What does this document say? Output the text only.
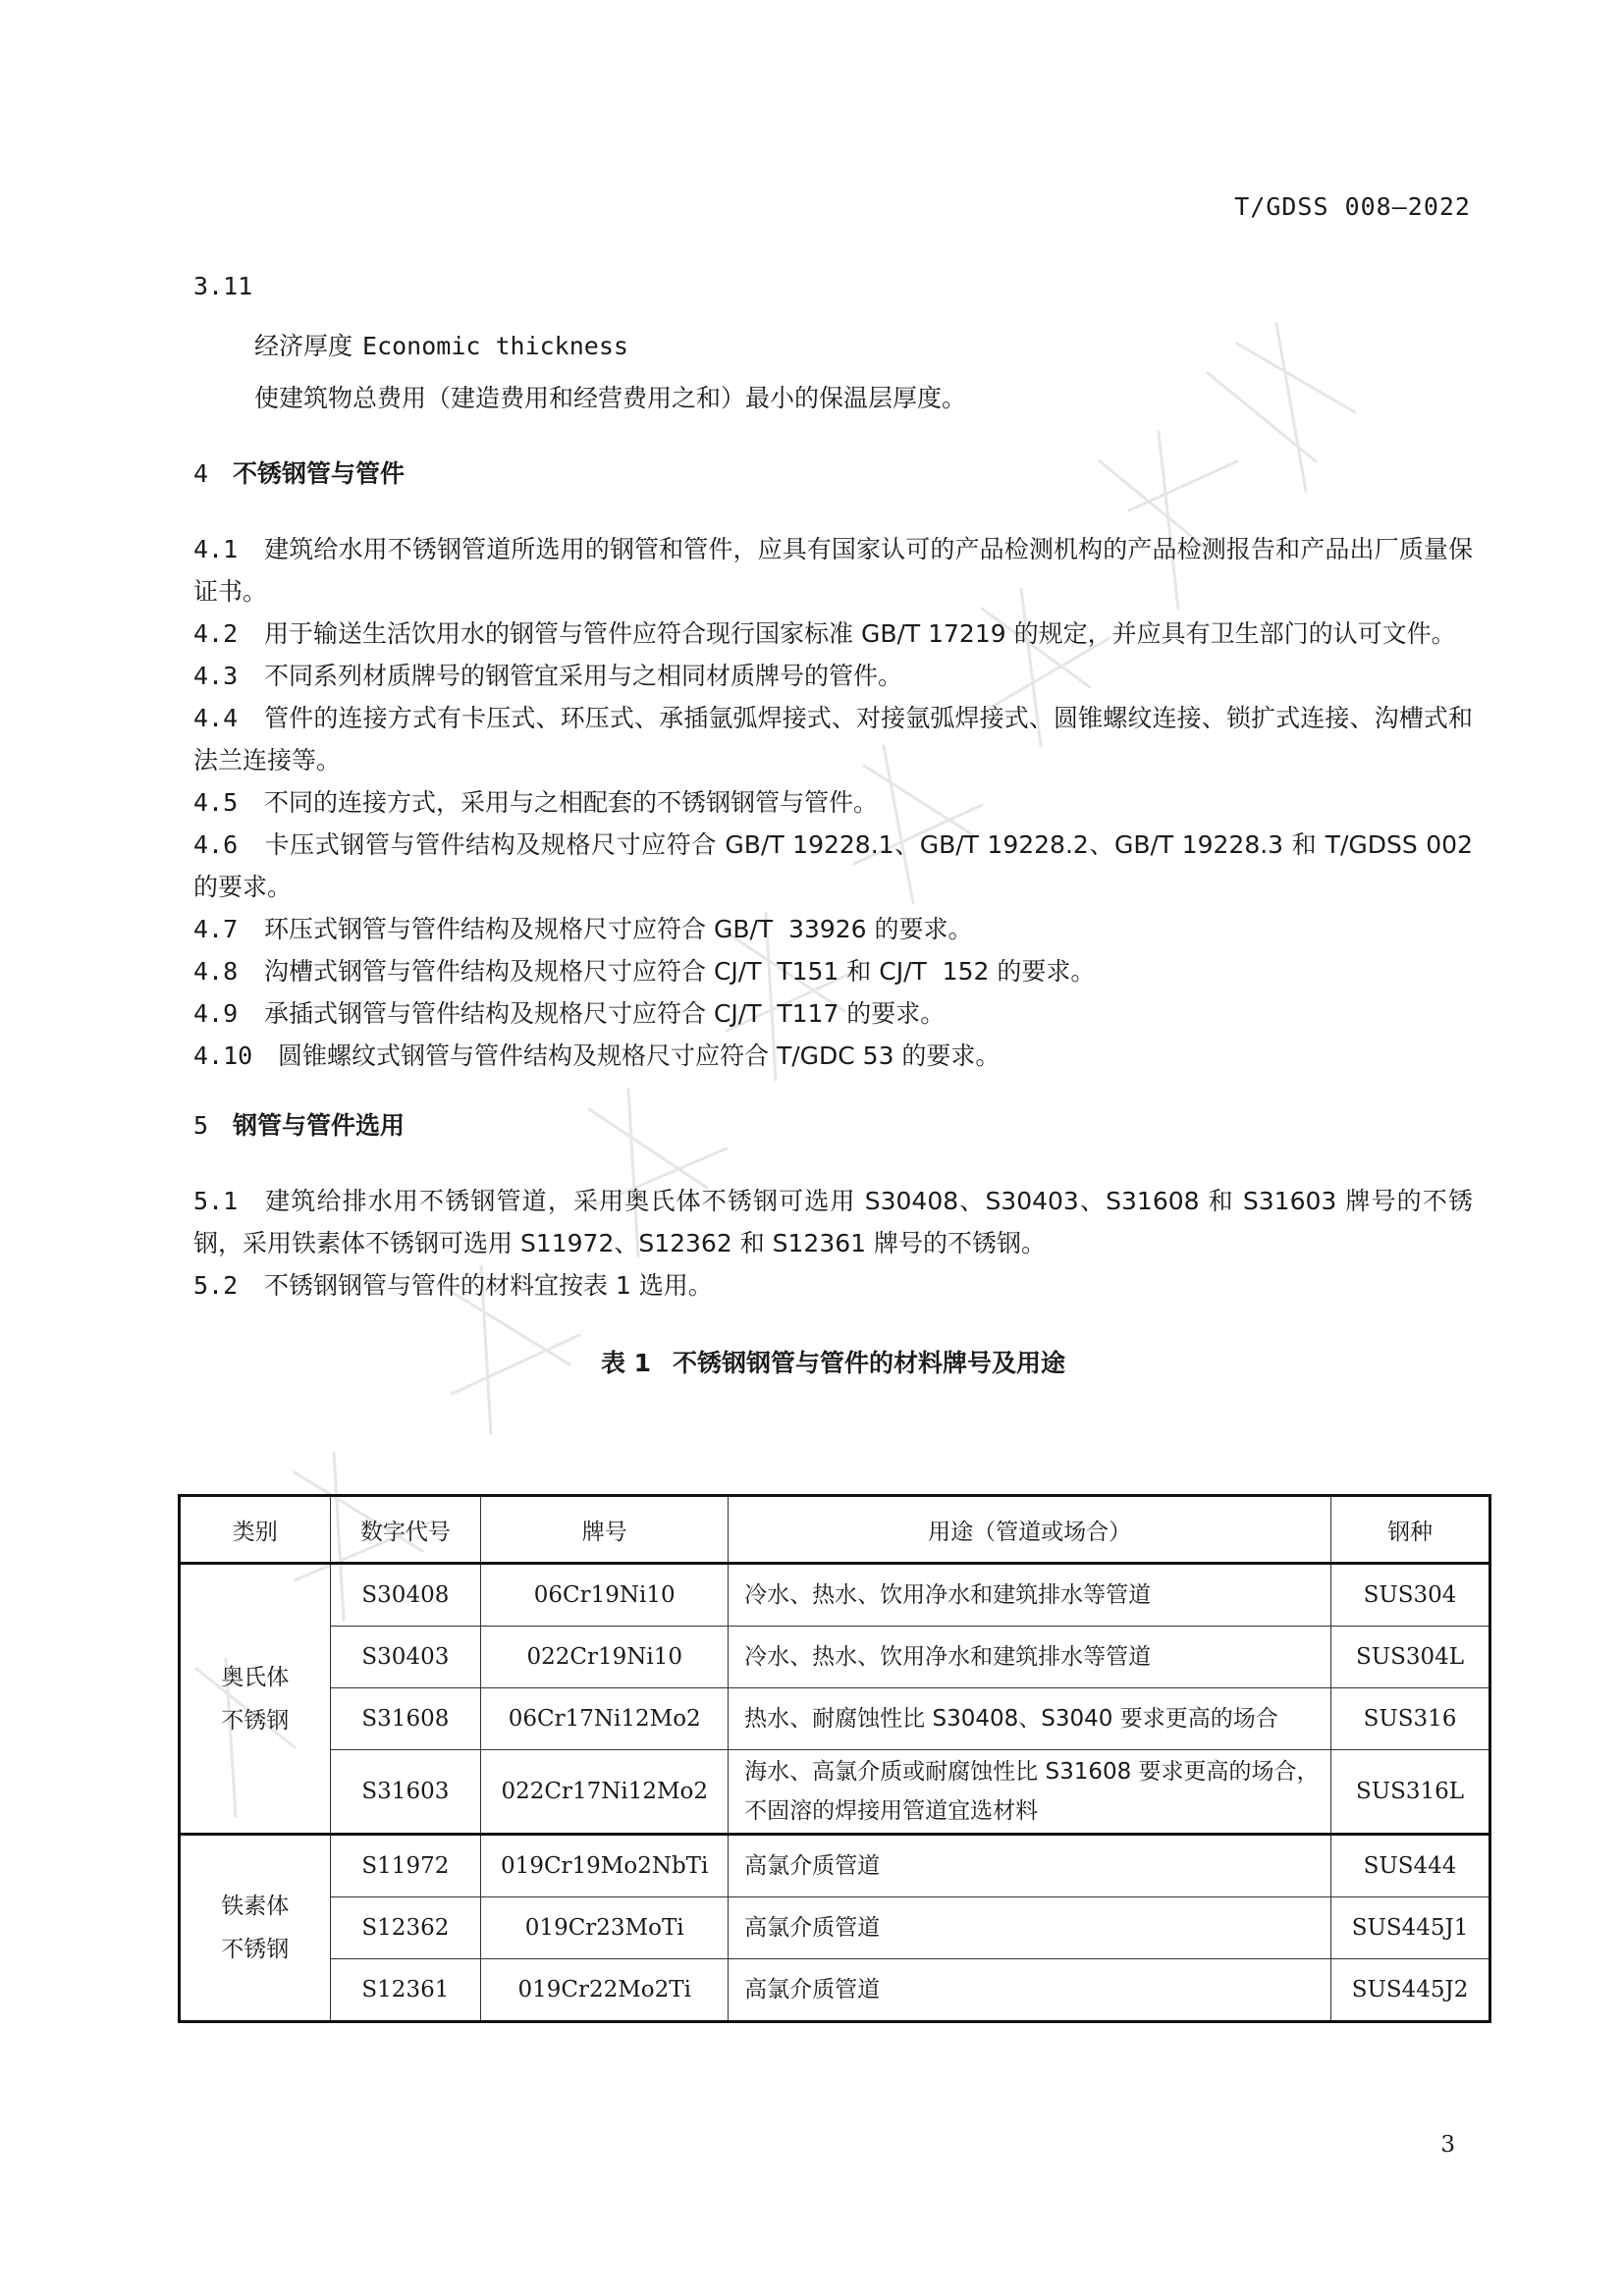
T/GDSS 008—2022
3.11
经济厚度 Economic thickness
使建筑物总费用（建造费用和经营费用之和）最小的保温层厚度。
4 不锈钢管与管件

4.1 建筑给水用不锈钢管道所选用的钢管和管件，应具有国家认可的产品检测机构的产品检测报告和产品出厂质量保证书。

4.2 用于输送生活饮用水的钢管与管件应符合现行国家标准 GB/T 17219 的规定，并应具有卫生部门的认可文件。

4.3 不同系列材质牌号的钢管宜采用与之相同材质牌号的管件。

4.4 管件的连接方式有卡压式、环压式、承插氩弧焊接式、对接氩弧焊接式、圆锥螺纹连接、锁扩式连接、沟槽式和法兰连接等。

4.5 不同的连接方式，采用与之相配套的不锈钢钢管与管件。

4.6 卡压式钢管与管件结构及规格尺寸应符合 GB/T 19228.1、GB/T 19228.2、GB/T 19228.3 和 T/GDSS 002 的要求。

4.7 环压式钢管与管件结构及规格尺寸应符合 GB/T  33926 的要求。

4.8 沟槽式钢管与管件结构及规格尺寸应符合 CJ/T  T151 和 CJ/T  152 的要求。

4.9 承插式钢管与管件结构及规格尺寸应符合 CJ/T  T117 的要求。

4.10 圆锥螺纹式钢管与管件结构及规格尺寸应符合 T/GDC 53 的要求。

5 钢管与管件选用

5.1 建筑给排水用不锈钢管道，采用奥氏体不锈钢可选用 S30408、S30403、S31608 和 S31603 牌号的不锈钢，采用铁素体不锈钢可选用 S11972、S12362 和 S12361 牌号的不锈钢。

5.2 不锈钢钢管与管件的材料宜按表 1 选用。

表 1 不锈钢钢管与管件的材料牌号及用途
类别	数字代号	牌号	用途（管道或场合）	钢种

奥氏体
不锈钢	S30408	06Cr19Ni10	冷水、热水、饮用净水和建筑排水等管道	SUS304
	S30403	022Cr19Ni10	冷水、热水、饮用净水和建筑排水等管道	SUS304L
	S31608	06Cr17Ni12Mo2	热水、耐腐蚀性比 S30408、S3040 要求更高的场合	SUS316
	S31603	022Cr17Ni12Mo2	海水、高氯介质或耐腐蚀性比 S31608 要求更高的场合，不固溶的焊接用管道宜选材料	SUS316L

铁素体
不锈钢	S11972	019Cr19Mo2NbTi	高氯介质管道	SUS444
	S12362	019Cr23MoTi	高氯介质管道	SUS445J1
	S12361	019Cr22Mo2Ti	高氯介质管道	SUS445J2
3
